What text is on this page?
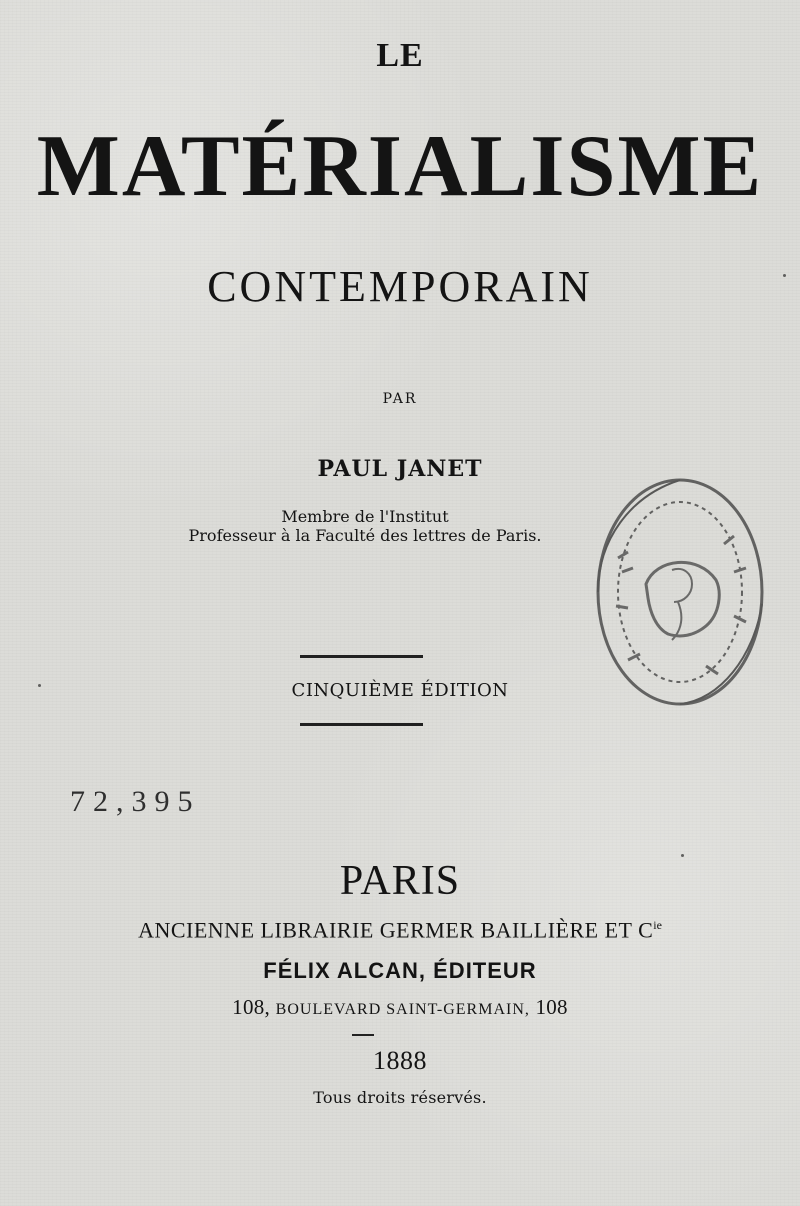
LE
MATÉRIALISME
CONTEMPORAIN
PAR
PAUL JANET
Membre de l'Institut
Professeur à la Faculté des lettres de Paris.
CINQUIÈME ÉDITION
72,395
PARIS
ANCIENNE LIBRAIRIE GERMER BAILLIÈRE ET $C^{ie}$
FÉLIX ALCAN, ÉDITEUR
108, BOULEVARD SAINT-GERMAIN, 108
1888
Tous droits réservés.
